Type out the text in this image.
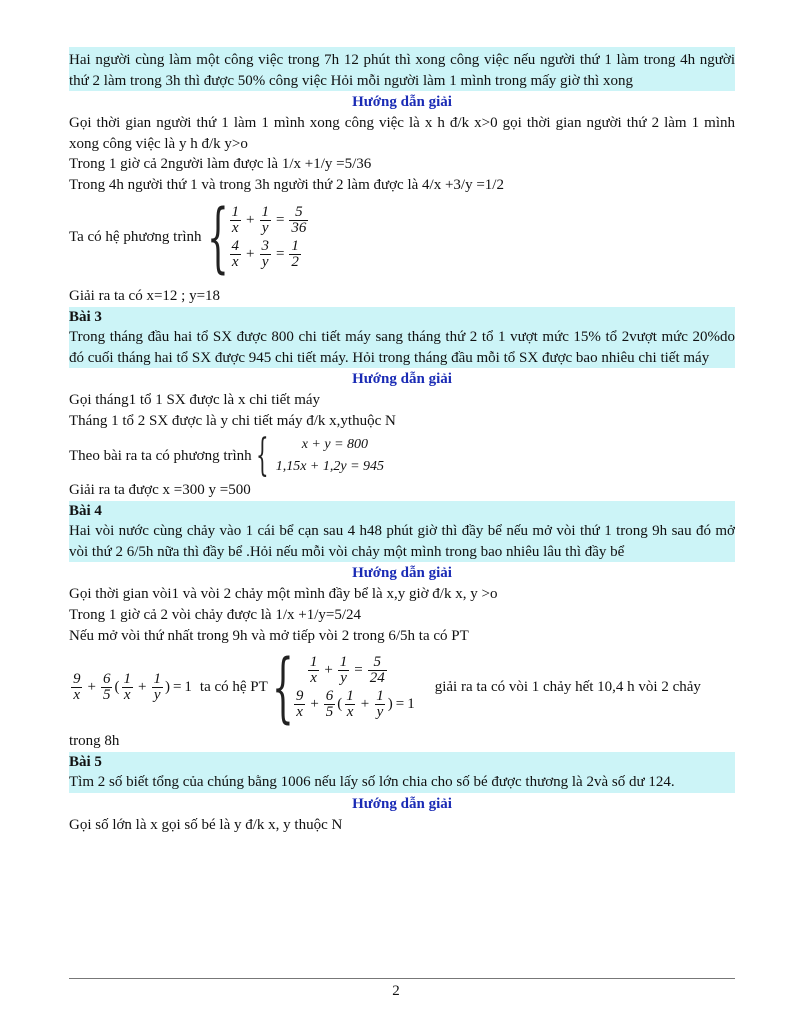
Hai người cùng làm một công việc trong 7h 12 phút thì xong công việc nếu người thứ 1 làm trong 4h người thứ 2 làm trong 3h thì được 50% công việc Hỏi mỗi người làm 1 mình trong mấy giờ thì xong
Hướng dẫn giải
Gọi thời gian người thứ 1 làm 1 mình xong công việc là x h đ/k x>0 gọi thời gian người thứ 2 làm 1 mình xong công việc là y h đ/k y>o
Trong 1 giờ cả 2người làm được là 1/x +1/y =5/36
Trong 4h người thứ 1 và trong 3h người thứ 2 làm được là 4/x +3/y =1/2
Ta có hệ phương trình { $\frac{1}{x} + \frac{1}{y} = \frac{5}{36}$
$\frac{4}{x} + \frac{3}{y} = \frac{1}{2}$
Giải ra ta có x=12 ; y=18
Bài 3
Trong tháng đầu hai tổ SX được 800 chi tiết máy sang tháng thứ 2 tổ 1 vượt mức 15% tổ 2vượt mức 20%do đó cuối tháng hai tổ SX được 945 chi tiết máy. Hỏi trong tháng đầu mỗi tổ SX được bao nhiêu chi tiết máy
Hướng dẫn giải
Gọi tháng1 tổ 1 SX được là x chi tiết máy
Tháng 1 tổ 2 SX được là y chi tiết máy đ/k x,ythuộc N
Theo bài ra ta có phương trình {	x + y = 800
1,15x + 1,2y = 945
Giải ra ta được x =300 y =500
Bài 4
Hai vòi nước cùng chảy vào 1 cái bể cạn sau 4 h48 phút giờ thì đầy bể nếu mở vòi thứ 1 trong 9h sau đó mở vòi thứ 2 6/5h nữa thì đầy bể .Hỏi nếu mỗi vòi chảy một mình trong bao nhiêu lâu thì đầy bể
Hướng dẫn giải
Gọi thời gian vòi1 và vòi 2 chảy một mình đầy bể là x,y giờ đ/k x, y >o
Trong 1 giờ cả 2 vòi chảy được là 1/x +1/y=5/24
Nếu mở vòi thứ nhất trong 9h và mở tiếp vòi 2 trong 6/5h ta có PT
$\frac{9}{x} + \frac{6}{5}$ ( $\frac{1}{x} + \frac{1}{y}$ ) = 1 ta có hệ PT { $\frac{1}{x} + \frac{1}{y} = \frac{5}{24}$
$\frac{9}{x} + \frac{6}{5}$ ( $\frac{1}{x} + \frac{1}{y}$ ) = 1
giải ra ta có vòi 1 chảy hết 10,4 h vòi 2 chảy
trong 8h
Bài 5
Tìm 2 số biết tổng của chúng bằng 1006 nếu lấy số lớn chia cho số bé được thương là 2và số dư 124.
Hướng dẫn giải
Gọi số lớn là x gọi số bé là y đ/k x, y thuộc N
2
